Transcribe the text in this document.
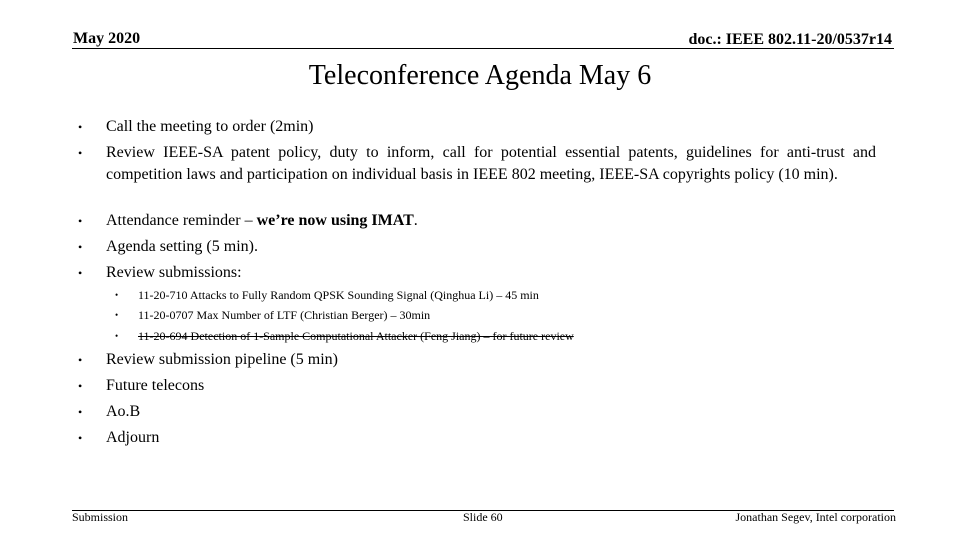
May 2020	doc.: IEEE 802.11-20/0537r14
Teleconference Agenda May 6
•	Call the meeting to order (2min)
•	Review IEEE-SA patent policy, duty to inform, call for potential essential patents, guidelines for anti-trust and competition laws and participation on individual basis in IEEE 802 meeting, IEEE-SA copyrights policy (10 min).
•	Attendance reminder – we’re now using IMAT.
•	Agenda setting (5 min).
•	Review submissions:
•	11-20-710 Attacks to Fully Random QPSK Sounding Signal (Qinghua Li) – 45 min
•	11-20-0707 Max Number of LTF (Christian Berger) – 30min
•	11-20-694 Detection of 1-Sample Computational Attacker (Feng Jiang) – for future review
•	Review submission pipeline (5 min)
•	Future telecons
•	Ao.B
•	Adjourn
Submission	Slide 60	Jonathan Segev, Intel corporation
